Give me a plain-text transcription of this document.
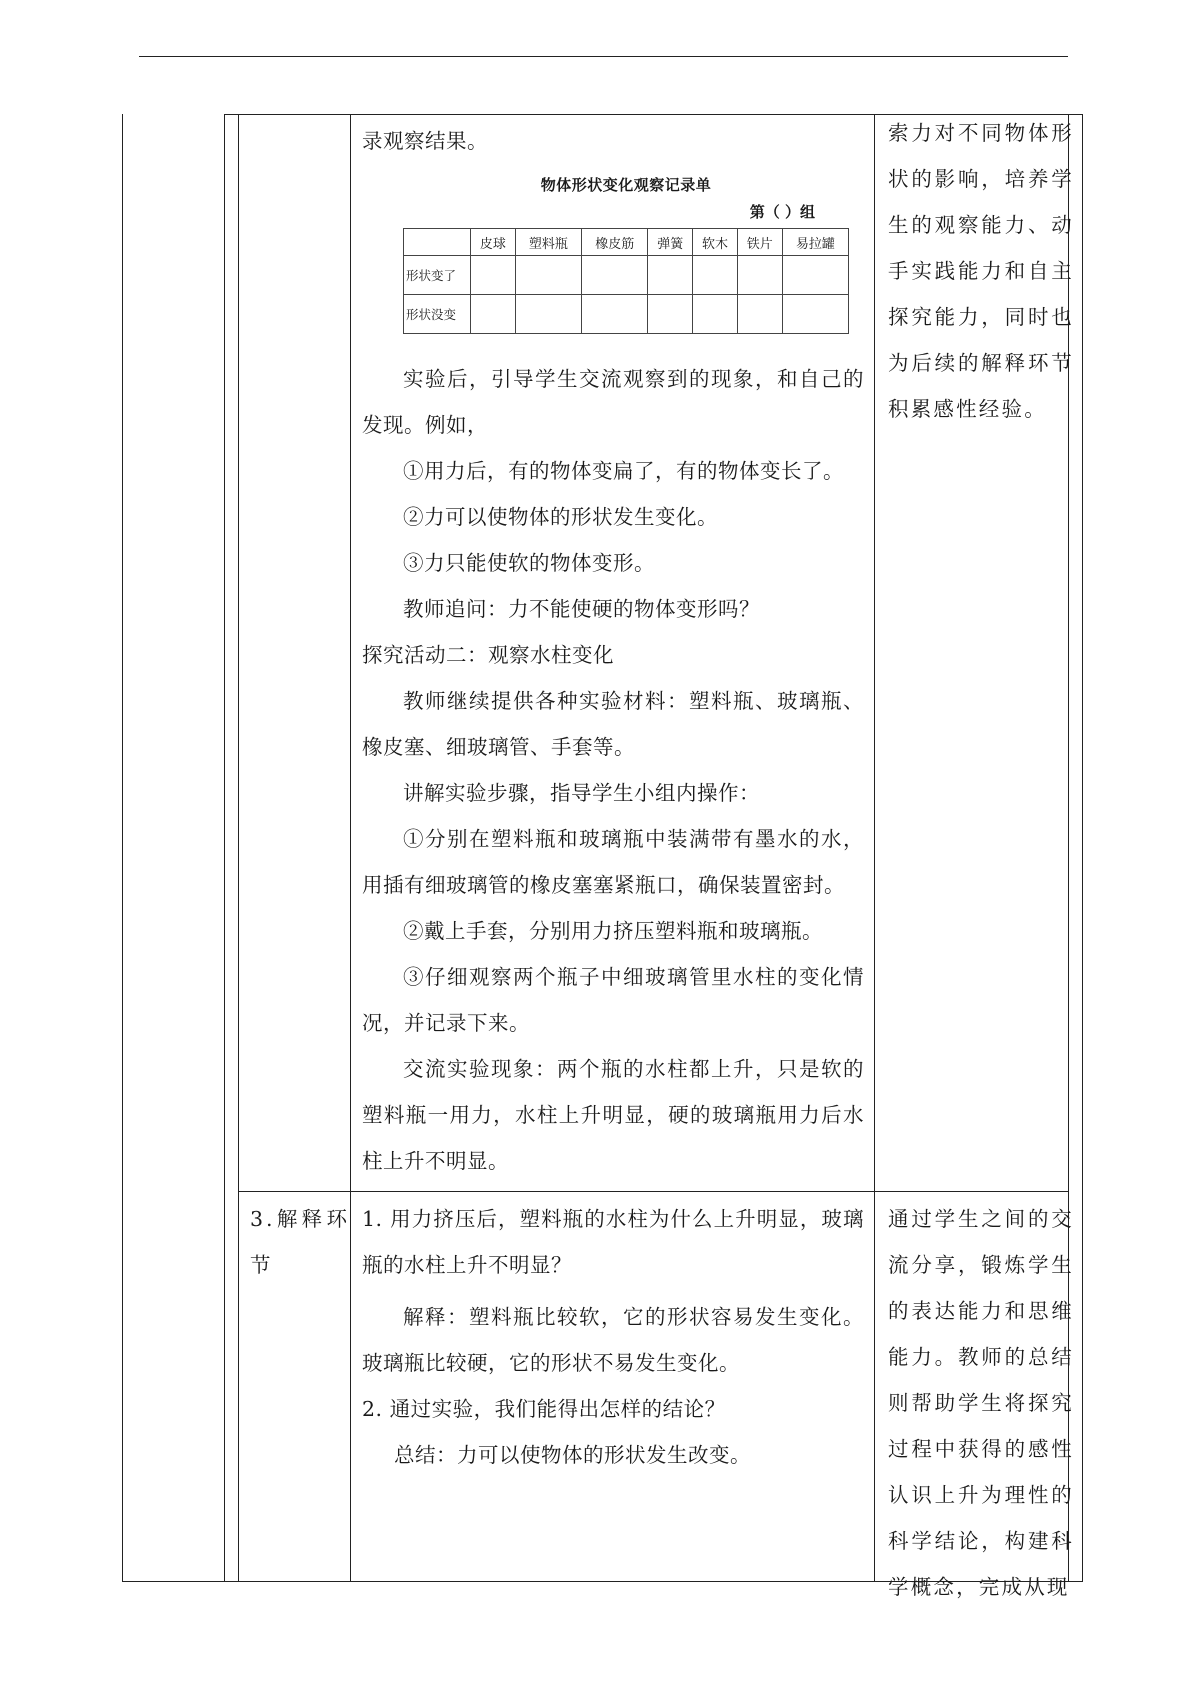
录观察结果。

物体形状变化观察记录单

第（ ）组

	皮球	塑料瓶	橡皮筋	弹簧	软木	铁片	易拉罐
形状变了							
形状没变							

实验后，引导学生交流观察到的现象，和自己的发现。例如，

①用力后，有的物体变扁了，有的物体变长了。

②力可以使物体的形状发生变化。

③力只能使软的物体变形。

教师追问：力不能使硬的物体变形吗？

探究活动二：观察水柱变化

教师继续提供各种实验材料：塑料瓶、玻璃瓶、橡皮塞、细玻璃管、手套等。

讲解实验步骤，指导学生小组内操作：

①分别在塑料瓶和玻璃瓶中装满带有墨水的水，用插有细玻璃管的橡皮塞塞紧瓶口，确保装置密封。

②戴上手套，分别用力挤压塑料瓶和玻璃瓶。

③仔细观察两个瓶子中细玻璃管里水柱的变化情况，并记录下来。

交流实验现象：两个瓶的水柱都上升，只是软的塑料瓶一用力，水柱上升明显，硬的玻璃瓶用力后水柱上升不明显。

索力对不同物体形状的影响，培养学生的观察能力、动手实践能力和自主探究能力，同时也为后续的解释环节积累感性经验。

3.解释环节

1. 用力挤压后，塑料瓶的水柱为什么上升明显，玻璃瓶的水柱上升不明显？

解释：塑料瓶比较软，它的形状容易发生变化。玻璃瓶比较硬，它的形状不易发生变化。

2. 通过实验，我们能得出怎样的结论？

总结：力可以使物体的形状发生改变。

通过学生之间的交流分享，锻炼学生的表达能力和思维能力。教师的总结则帮助学生将探究过程中获得的感性认识上升为理性的科学结论，构建科学概念，完成从现
